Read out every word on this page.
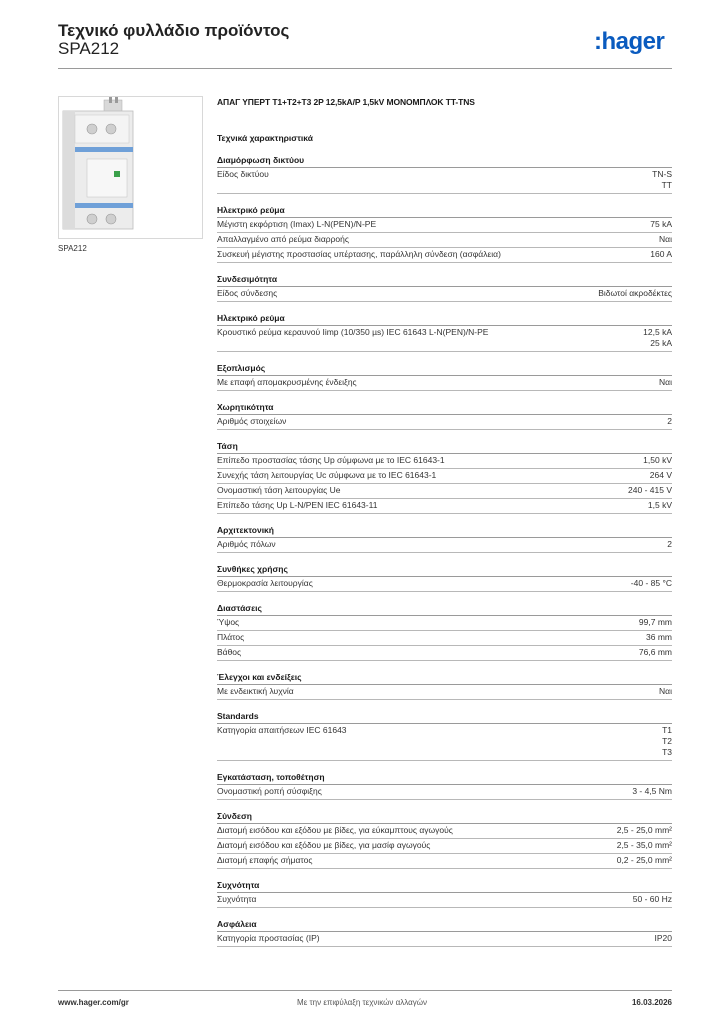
Τεχνικό φυλλάδιο προϊόντος
SPA212	:hager
SPA212
ΑΠΑΓ ΥΠΕΡΤ T1+T2+T3 2P 12,5kA/P 1,5kV ΜΟΝΟΜΠΛΟΚ TT-TNS
Τεχνικά χαρακτηριστικά
Διαμόρφωση δικτύου
Είδος δικτύου	TN-S
TT
Ηλεκτρικό ρεύμα
Μέγιστη εκφόρτιση (Imax) L-N(PEN)/N-PE	75 kA
Απαλλαγμένο από ρεύμα διαρροής	Ναι
Συσκευή μέγιστης προστασίας υπέρτασης, παράλληλη σύνδεση (ασφάλεια)	160 A
Συνδεσιμότητα
Είδος σύνδεσης	Βιδωτοί ακροδέκτες
Ηλεκτρικό ρεύμα
Κρουστικό ρεύμα κεραυνού Iimp (10/350 µs) IEC 61643 L-N(PEN)/N-PE	12,5 kA
25 kA
Εξοπλισμός
Με επαφή απομακρυσμένης ένδειξης	Ναι
Χωρητικότητα
Αριθμός στοιχείων	2
Τάση
Επίπεδο προστασίας τάσης Up σύμφωνα με το IEC 61643-1	1,50 kV
Συνεχής τάση λειτουργίας Uc σύμφωνα με το IEC 61643-1	264 V
Ονομαστική τάση λειτουργίας Ue	240 - 415 V
Επίπεδο τάσης Up L-N/PEN IEC 61643-11	1,5 kV
Αρχιτεκτονική
Αριθμός πόλων	2
Συνθήκες χρήσης
Θερμοκρασία λειτουργίας	-40 - 85 °C
Διαστάσεις
Ύψος	99,7 mm
Πλάτος	36 mm
Βάθος	76,6 mm
Έλεγχοι και ενδείξεις
Με ενδεικτική λυχνία	Ναι
Standards
Κατηγορία απαιτήσεων IEC 61643	T1
T2
T3
Εγκατάσταση, τοποθέτηση
Ονομαστική ροπή σύσφιξης	3 - 4,5 Nm
Σύνδεση
Διατομή εισόδου και εξόδου με βίδες, για εύκαμπτους αγωγούς	2,5 - 25,0 mm²
Διατομή εισόδου και εξόδου με βίδες, για μασίφ αγωγούς	2,5 - 35,0 mm²
Διατομή επαφής σήματος	0,2 - 25,0 mm²
Συχνότητα
Συχνότητα	50 - 60 Hz
Ασφάλεια
Κατηγορία προστασίας (IP)	IP20
www.hager.com/gr	Με την επιφύλαξη τεχνικών αλλαγών	16.03.2026
